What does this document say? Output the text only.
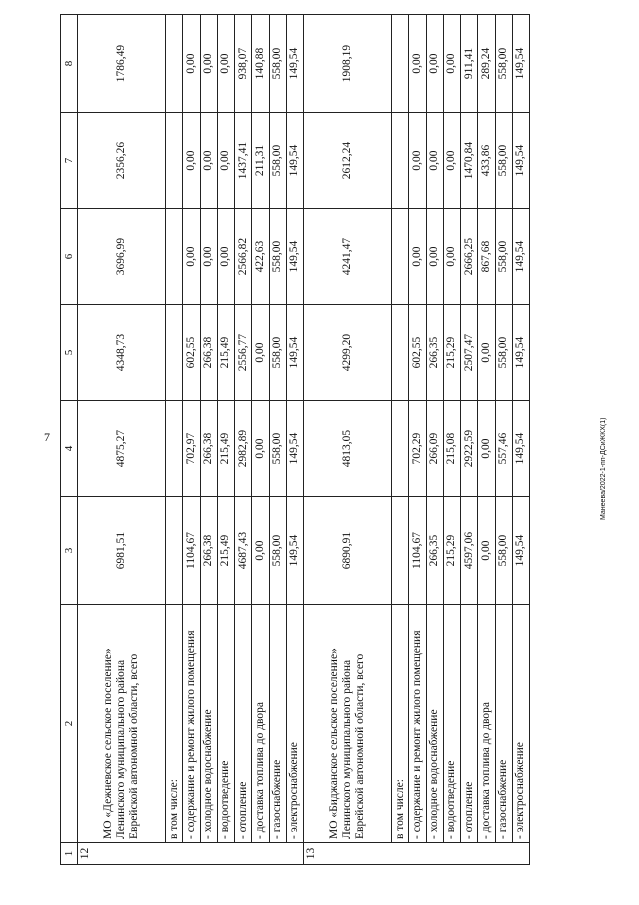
7	Манеева/2022-1-пп-ДСиЖКХ(1)
1	2	3	4	5	6	7	8
12	МО «Дежневское сельское поселение» Ленинского муниципального района Еврейской автономной области, всего	6981,51	4875,27	4348,73	3696,99	2356,26	1786,49
	в том числе:						
	- содержание и ремонт жилого помещения	1104,67	702,97	602,55	0,00	0,00	0,00
	- холодное водоснабжение	266,38	266,38	266,38	0,00	0,00	0,00
	- водоотведение	215,49	215,49	215,49	0,00	0,00	0,00
	- отопление	4687,43	2982,89	2556,77	2566,82	1437,41	938,07
	- доставка топлива до двора	0,00	0,00	0,00	422,63	211,31	140,88
	- газоснабжение	558,00	558,00	558,00	558,00	558,00	558,00
	- электроснабжение	149,54	149,54	149,54	149,54	149,54	149,54
13	МО «Биджанское сельское поселение» Ленинского муниципального района Еврейской автономной области, всего	6890,91	4813,05	4299,20	4241,47	2612,24	1908,19
	в том числе:						
	- содержание и ремонт жилого помещения	1104,67	702,29	602,55	0,00	0,00	0,00
	- холодное водоснабжение	266,35	266,09	266,35	0,00	0,00	0,00
	- водоотведение	215,29	215,08	215,29	0,00	0,00	0,00
	- отопление	4597,06	2922,59	2507,47	2666,25	1470,84	911,41
	- доставка топлива до двора	0,00	0,00	0,00	867,68	433,86	289,24
	- газоснабжение	558,00	557,46	558,00	558,00	558,00	558,00
	- электроснабжение	149,54	149,54	149,54	149,54	149,54	149,54
